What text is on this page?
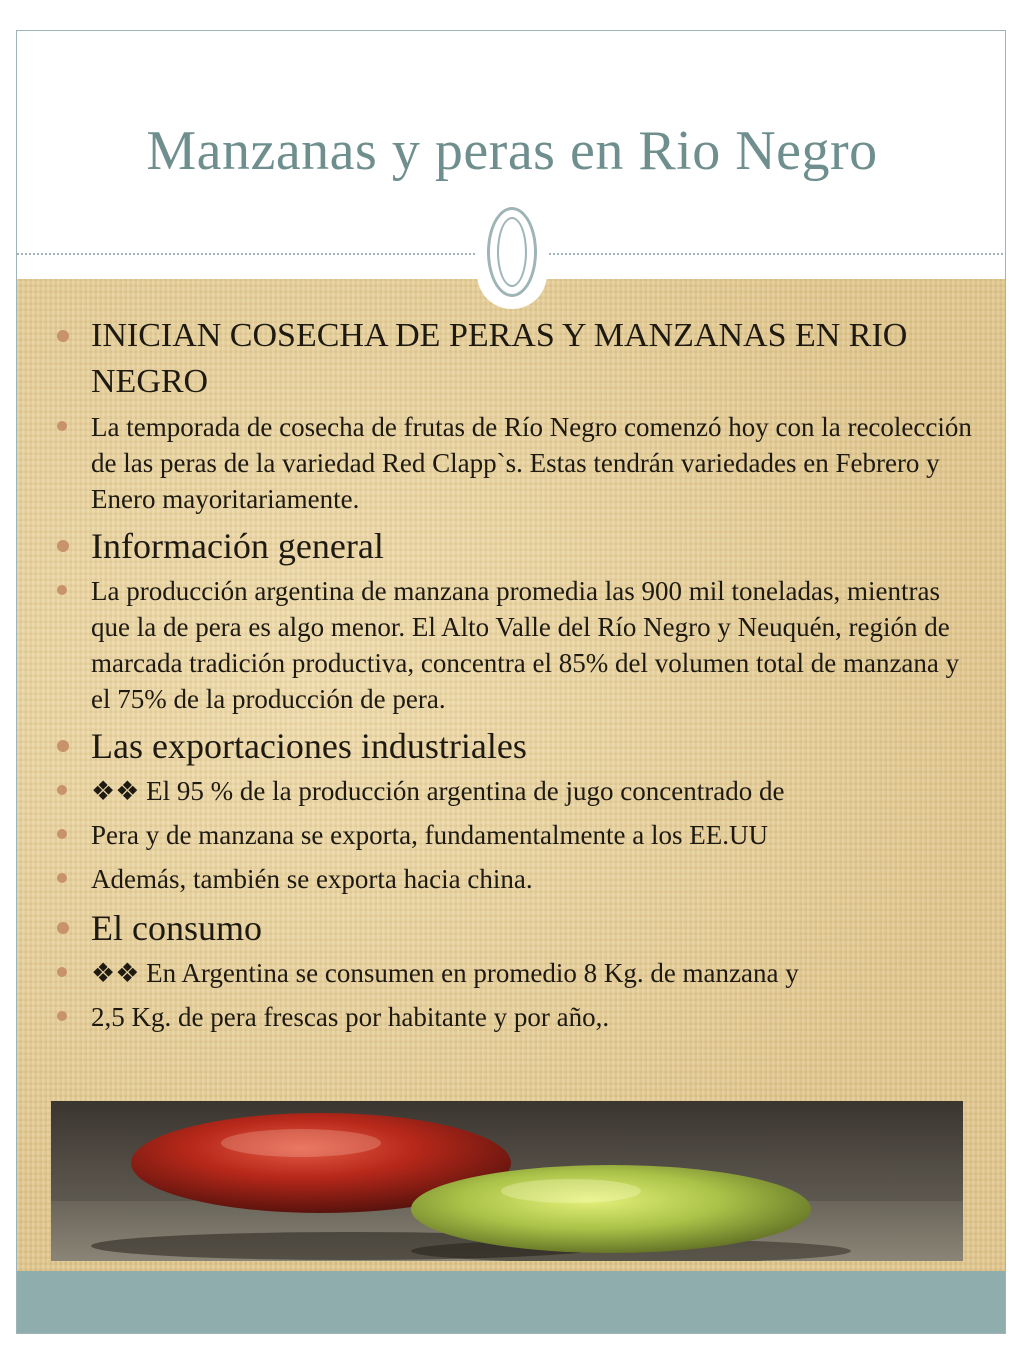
Manzanas y peras en Rio Negro
INICIAN COSECHA DE PERAS Y MANZANAS EN RIO NEGRO
La temporada de cosecha de frutas de Río Negro comenzó hoy con la recolección de las peras de la variedad Red Clapp`s. Estas tendrán variedades en Febrero y Enero mayoritariamente.
Información general
La producción argentina de manzana promedia las 900 mil toneladas, mientras que la de pera es algo menor. El Alto Valle del Río Negro y Neuquén, región de marcada tradición productiva, concentra el 85% del volumen total de manzana y el 75% de la producción de pera.
Las exportaciones industriales
❖❖ El 95 % de la producción argentina de jugo concentrado de
Pera y de manzana se exporta, fundamentalmente a los EE.UU
Además, también se exporta hacia china.
El consumo
❖❖ En Argentina se consumen en promedio 8 Kg. de manzana y
2,5 Kg. de pera frescas por habitante y por año,.
